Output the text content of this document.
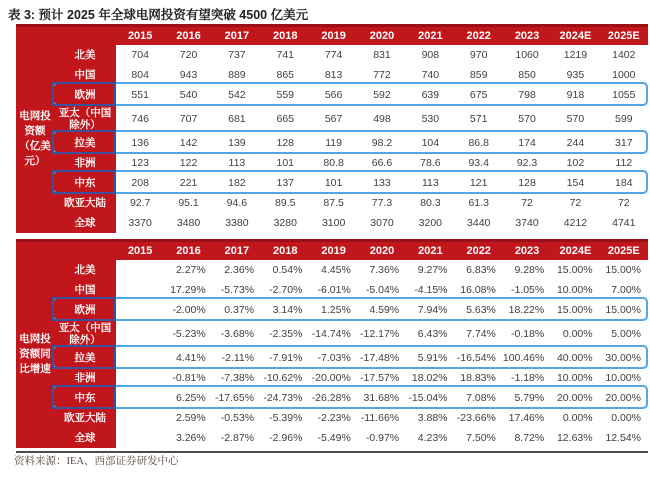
表 3: 预计 2025 年全球电网投资有望突破 4500 亿美元
		2015	2016	2017	2018	2019	2020	2021	2022	2023	2024E	2025E

电网投资额（亿美元）	北美	704	720	737	741	774	831	908	970	1060	1219	1402
	中国	804	943	889	865	813	772	740	859	850	935	1000
	欧洲	551	540	542	559	566	592	639	675	798	918	1055
	亚太（中国除外）	746	707	681	665	567	498	530	571	570	570	599
	拉美	136	142	139	128	119	98.2	104	86.8	174	244	317
	非洲	123	122	113	101	80.8	66.6	78.6	93.4	92.3	102	112
	中东	208	221	182	137	101	133	113	121	128	154	184
	欧亚大陆	92.7	95.1	94.6	89.5	87.5	77.3	80.3	61.3	72	72	72
	全球	3370	3480	3380	3280	3100	3070	3200	3440	3740	4212	4741
		2015	2016	2017	2018	2019	2020	2021	2022	2023	2024E	2025E

电网投资额同比增速	北美		2.27%	2.36%	0.54%	4.45%	7.36%	9.27%	6.83%	9.28%	15.00%	15.00%
	中国		17.29%	-5.73%	-2.70%	-6.01%	-5.04%	-4.15%	16.08%	-1.05%	10.00%	7.00%
	欧洲		-2.00%	0.37%	3.14%	1.25%	4.59%	7.94%	5.63%	18.22%	15.00%	15.00%
	亚太（中国除外）		-5.23%	-3.68%	-2.35%	-14.74%	-12.17%	6.43%	7.74%	-0.18%	0.00%	5.00%
	拉美		4.41%	-2.11%	-7.91%	-7.03%	-17.48%	5.91%	-16.54%	100.46%	40.00%	30.00%
	非洲		-0.81%	-7.38%	-10.62%	-20.00%	-17.57%	18.02%	18.83%	-1.18%	10.00%	10.00%
	中东		6.25%	-17.65%	-24.73%	-26.28%	31.68%	-15.04%	7.08%	5.79%	20.00%	20.00%
	欧亚大陆		2.59%	-0.53%	-5.39%	-2.23%	-11.66%	3.88%	-23.66%	17.46%	0.00%	0.00%
	全球		3.26%	-2.87%	-2.96%	-5.49%	-0.97%	4.23%	7.50%	8.72%	12.63%	12.54%
资料来源：IEA、西部证券研发中心
